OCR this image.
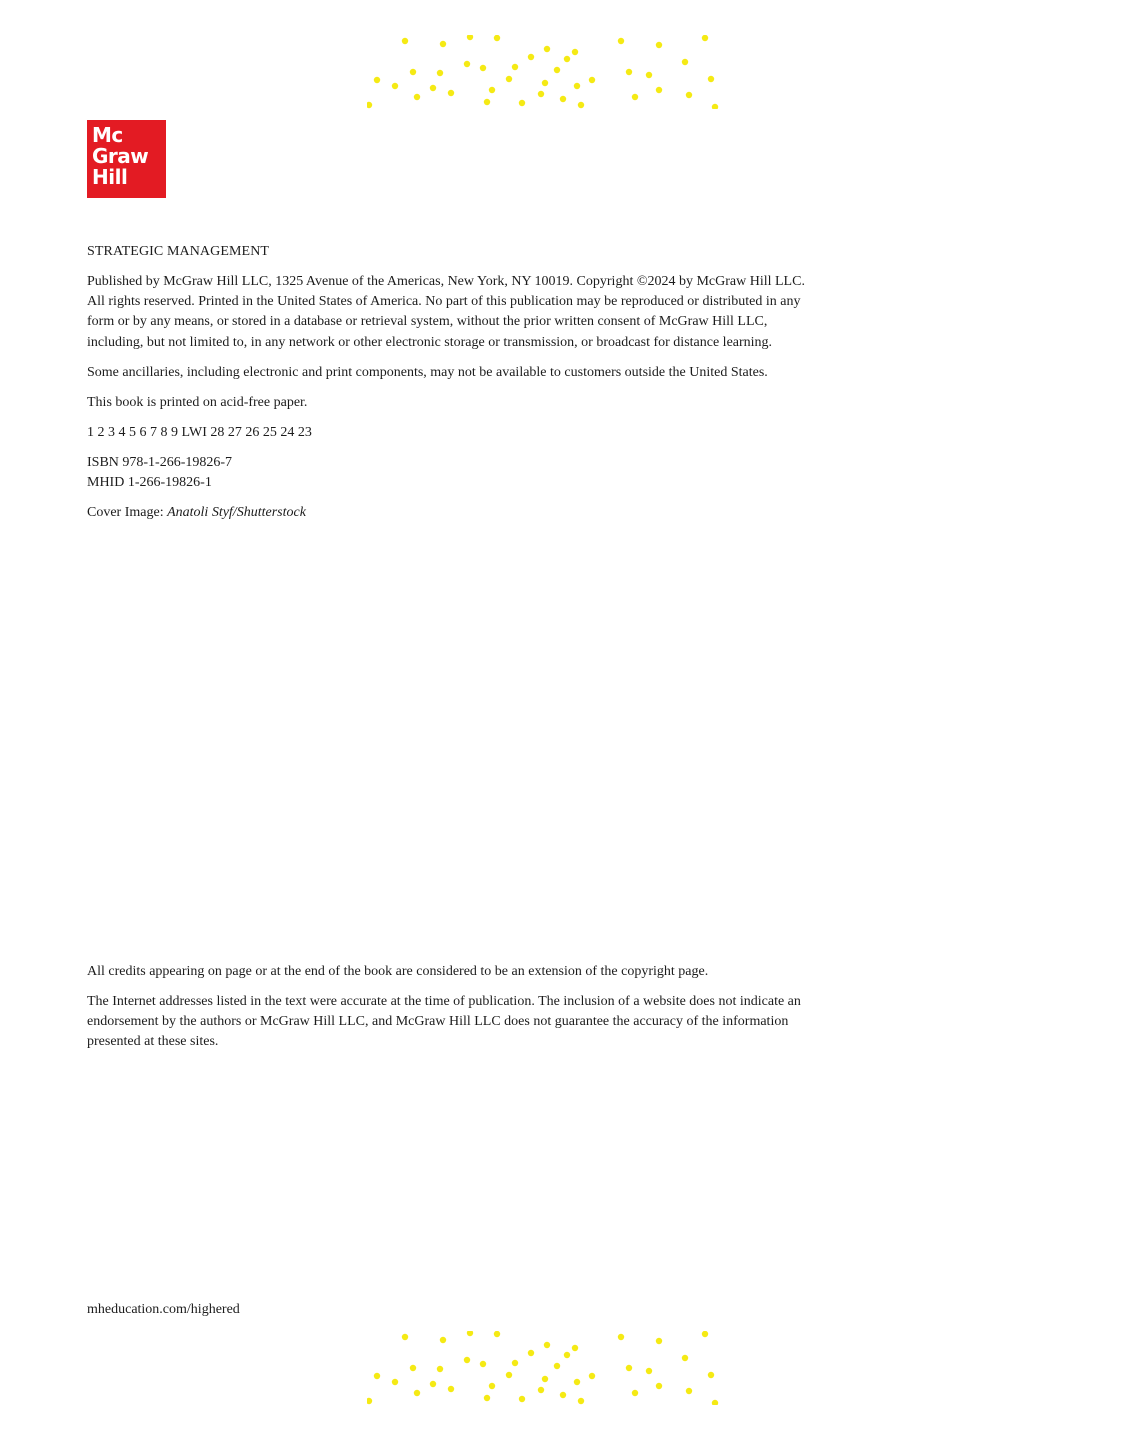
Mc
Graw
Hill

STRATEGIC MANAGEMENT

Published by McGraw Hill LLC, 1325 Avenue of the Americas, New York, NY 10019. Copyright ©2024 by McGraw Hill LLC. All rights reserved. Printed in the United States of America. No part of this publication may be reproduced or distributed in any form or by any means, or stored in a database or retrieval system, without the prior written consent of McGraw Hill LLC, including, but not limited to, in any network or other electronic storage or transmission, or broadcast for distance learning.

Some ancillaries, including electronic and print components, may not be available to customers outside the United States.

This book is printed on acid-free paper.

1 2 3 4 5 6 7 8 9 LWI 28 27 26 25 24 23

ISBN 978-1-266-19826-7
MHID 1-266-19826-1

Cover Image: Anatoli Styf/Shutterstock

All credits appearing on page or at the end of the book are considered to be an extension of the copyright page.

The Internet addresses listed in the text were accurate at the time of publication. The inclusion of a website does not indicate an endorsement by the authors or McGraw Hill LLC, and McGraw Hill LLC does not guarantee the accuracy of the information presented at these sites.

mheducation.com/highered
